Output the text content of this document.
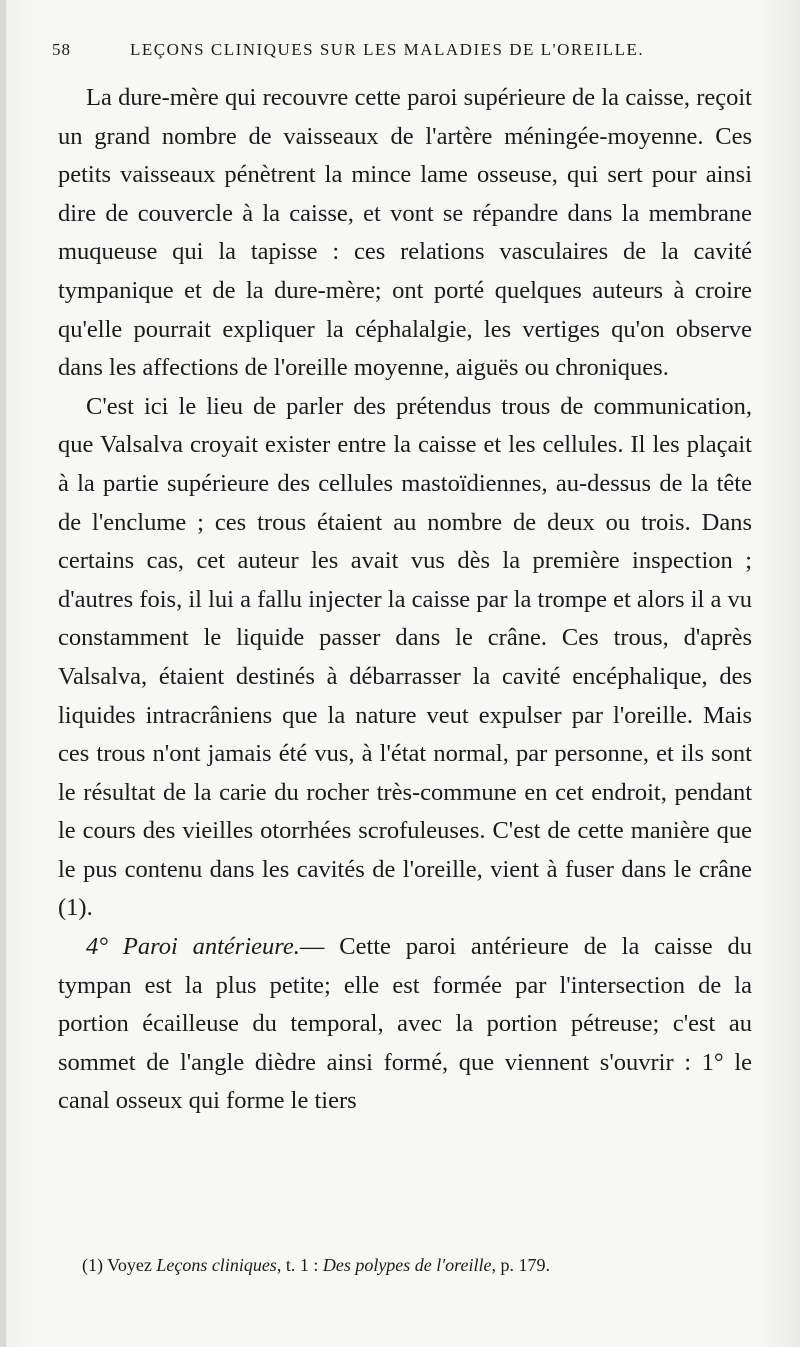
58	LEÇONS CLINIQUES SUR LES MALADIES DE L'OREILLE.

La dure-mère qui recouvre cette paroi supérieure de la caisse, reçoit un grand nombre de vaisseaux de l'artère méningée-moyenne. Ces petits vaisseaux pénètrent la mince lame osseuse, qui sert pour ainsi dire de couvercle à la caisse, et vont se répandre dans la membrane muqueuse qui la tapisse : ces relations vasculaires de la cavité tympanique et de la dure-mère; ont porté quelques auteurs à croire qu'elle pourrait expliquer la céphalalgie, les vertiges qu'on observe dans les affections de l'oreille moyenne, aiguës ou chroniques.

C'est ici le lieu de parler des prétendus trous de communication, que Valsalva croyait exister entre la caisse et les cellules. Il les plaçait à la partie supérieure des cellules mastoïdiennes, au-dessus de la tête de l'enclume ; ces trous étaient au nombre de deux ou trois. Dans certains cas, cet auteur les avait vus dès la première inspection ; d'autres fois, il lui a fallu injecter la caisse par la trompe et alors il a vu constamment le liquide passer dans le crâne. Ces trous, d'après Valsalva, étaient destinés à débarrasser la cavité encéphalique, des liquides intracrâniens que la nature veut expulser par l'oreille. Mais ces trous n'ont jamais été vus, à l'état normal, par personne, et ils sont le résultat de la carie du rocher très-commune en cet endroit, pendant le cours des vieilles otorrhées scrofuleuses. C'est de cette manière que le pus contenu dans les cavités de l'oreille, vient à fuser dans le crâne (1).

4° Paroi antérieure.— Cette paroi antérieure de la caisse du tympan est la plus petite; elle est formée par l'intersection de la portion écailleuse du temporal, avec la portion pétreuse; c'est au sommet de l'angle dièdre ainsi formé, que viennent s'ouvrir : 1° le canal osseux qui forme le tiers

(1) Voyez Leçons cliniques, t. 1 : Des polypes de l'oreille, p. 179.
